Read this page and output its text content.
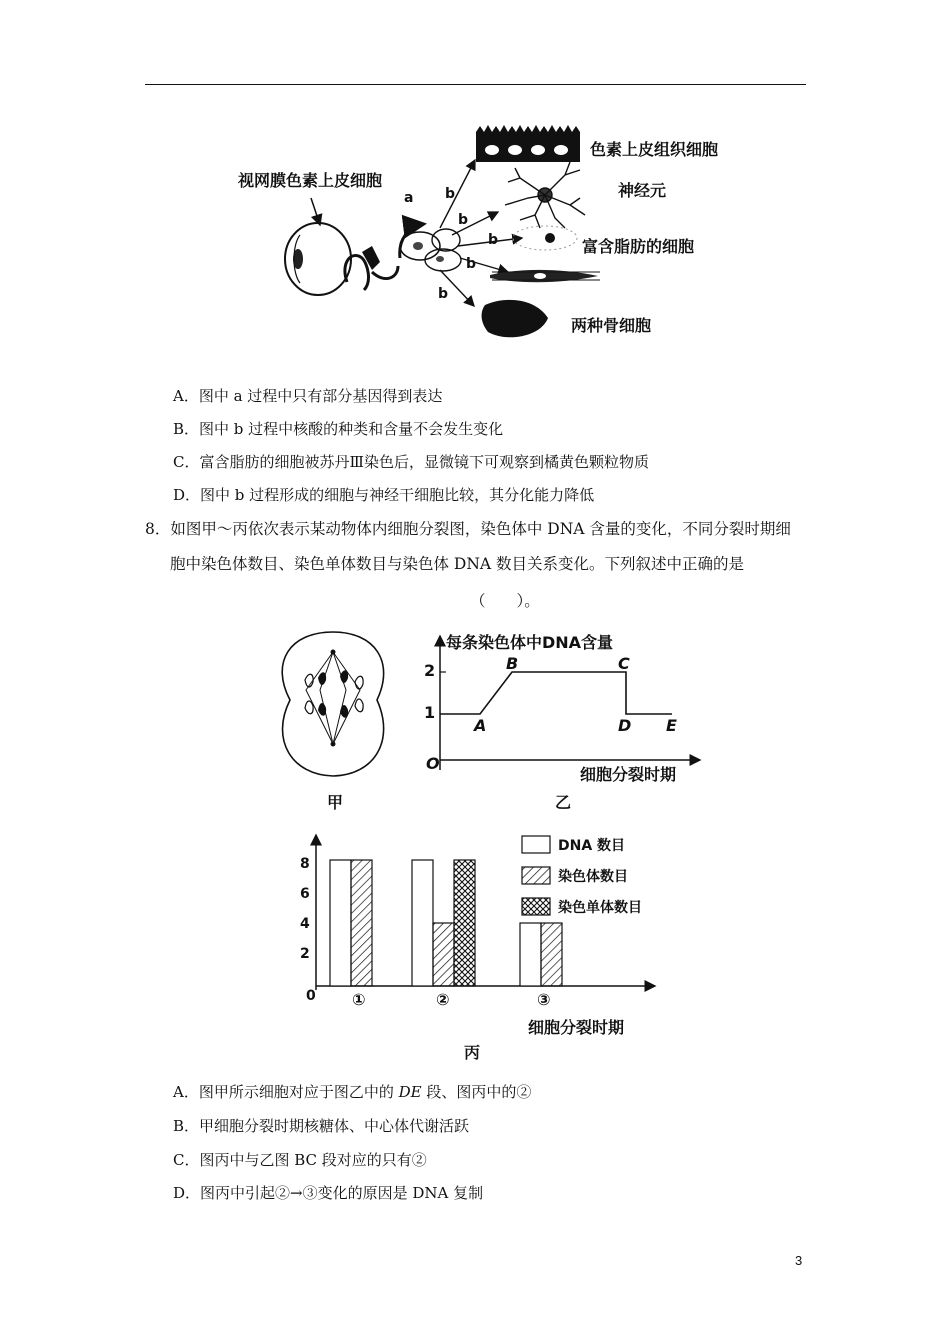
视网膜色素上皮细胞
a b
b
b
b
b
色素上皮组织细胞
神经元
富含脂肪的细胞
两种骨细胞
A．图中 a 过程中只有部分基因得到表达
B．图中 b 过程中核酸的种类和含量不会发生变化
C．富含脂肪的细胞被苏丹Ⅲ染色后，显微镜下可观察到橘黄色颗粒物质
D．图中 b 过程形成的细胞与神经干细胞比较，其分化能力降低
8．如图甲～丙依次表示某动物体内细胞分裂图，染色体中 DNA 含量的变化，不同分裂时期细
胞中染色体数目、染色单体数目与染色体 DNA 数目关系变化。下列叙述中正确的是
（　　）。
甲
每条染色体中DNA含量
细胞分裂时期
O
2
1
A
B	C
D E
乙
8
6
4
2
0 ①	②	③
细胞分裂时期
DNA 数目
染色体数目
染色单体数目
丙
A．图甲所示细胞对应于图乙中的 DE 段、图丙中的②
B．甲细胞分裂时期核糖体、中心体代谢活跃
C．图丙中与乙图 BC 段对应的只有②
D．图丙中引起②→③变化的原因是 DNA 复制
3
